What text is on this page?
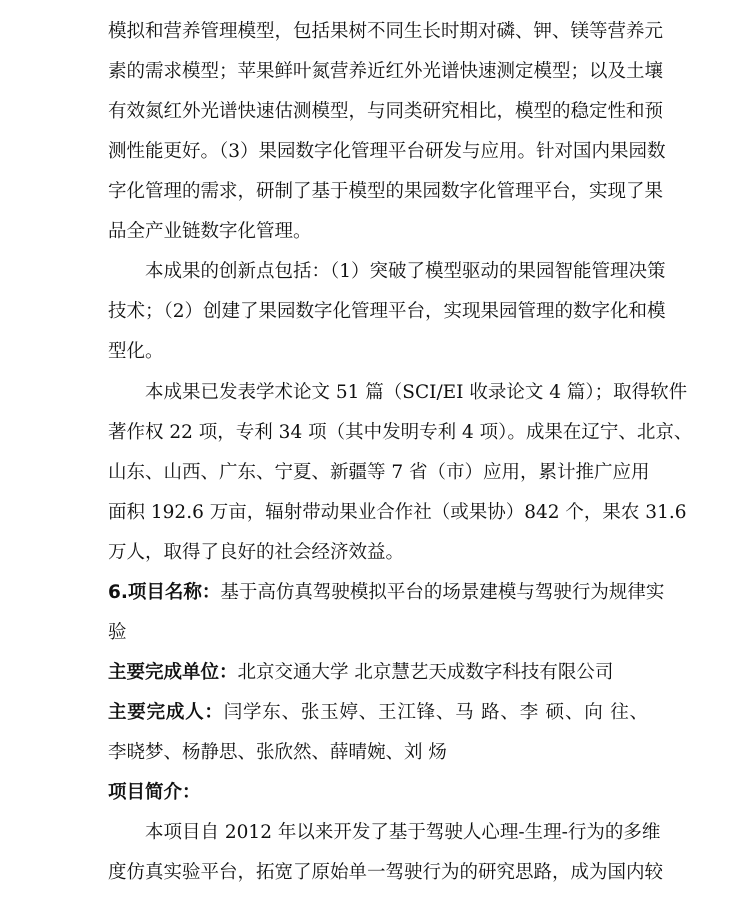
模拟和营养管理模型，包括果树不同生长时期对磷、钾、镁等营养元
素的需求模型；苹果鲜叶氮营养近红外光谱快速测定模型；以及土壤
有效氮红外光谱快速估测模型，与同类研究相比，模型的稳定性和预
测性能更好。（3）果园数字化管理平台研发与应用。针对国内果园数
字化管理的需求，研制了基于模型的果园数字化管理平台，实现了果
品全产业链数字化管理。
本成果的创新点包括：（1）突破了模型驱动的果园智能管理决策
技术；（2）创建了果园数字化管理平台，实现果园管理的数字化和模
型化。
本成果已发表学术论文 51 篇（SCI/EI 收录论文 4 篇）；取得软件
著作权 22 项，专利 34 项（其中发明专利 4 项）。成果在辽宁、北京、
山东、山西、广东、宁夏、新疆等 7 省（市）应用，累计推广应用
面积 192.6 万亩，辐射带动果业合作社（或果协）842 个，果农 31.6
万人，取得了良好的社会经济效益。
6.项目名称：基于高仿真驾驶模拟平台的场景建模与驾驶行为规律实
验
主要完成单位：北京交通大学 北京慧艺天成数字科技有限公司
主要完成人：闫学东、张玉婷、王江锋、马 路、李 硕、向 往、
李晓梦、杨静思、张欣然、薛晴婉、刘 炀
项目简介：
本项目自 2012 年以来开发了基于驾驶人心理-生理-行为的多维
度仿真实验平台，拓宽了原始单一驾驶行为的研究思路，成为国内较
